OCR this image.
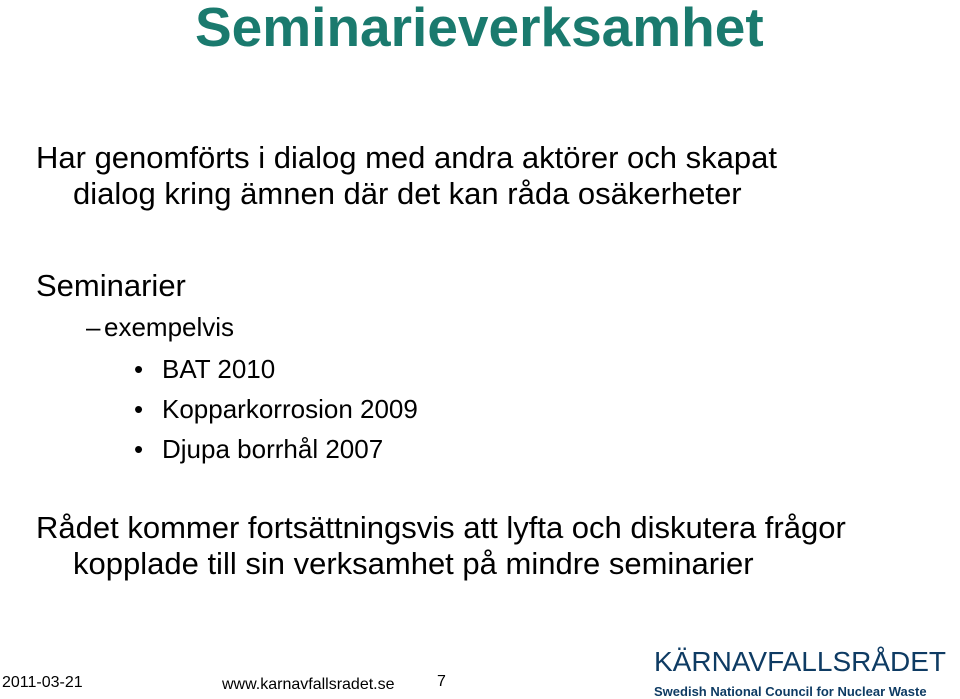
Seminarieverksamhet
Har genomförts i dialog med andra aktörer och skapat
dialog kring ämnen där det kan råda osäkerheter
Seminarier
– exempelvis
• BAT 2010
• Kopparkorrosion 2009
• Djupa borrhål 2007
Rådet kommer fortsättningsvis att lyfta och diskutera frågor
kopplade till sin verksamhet på mindre seminarier
2011-03-21	www.karnavfallsradet.se	7
KÄRNAVFALLSRÅDET
Swedish National Council for Nuclear Waste
